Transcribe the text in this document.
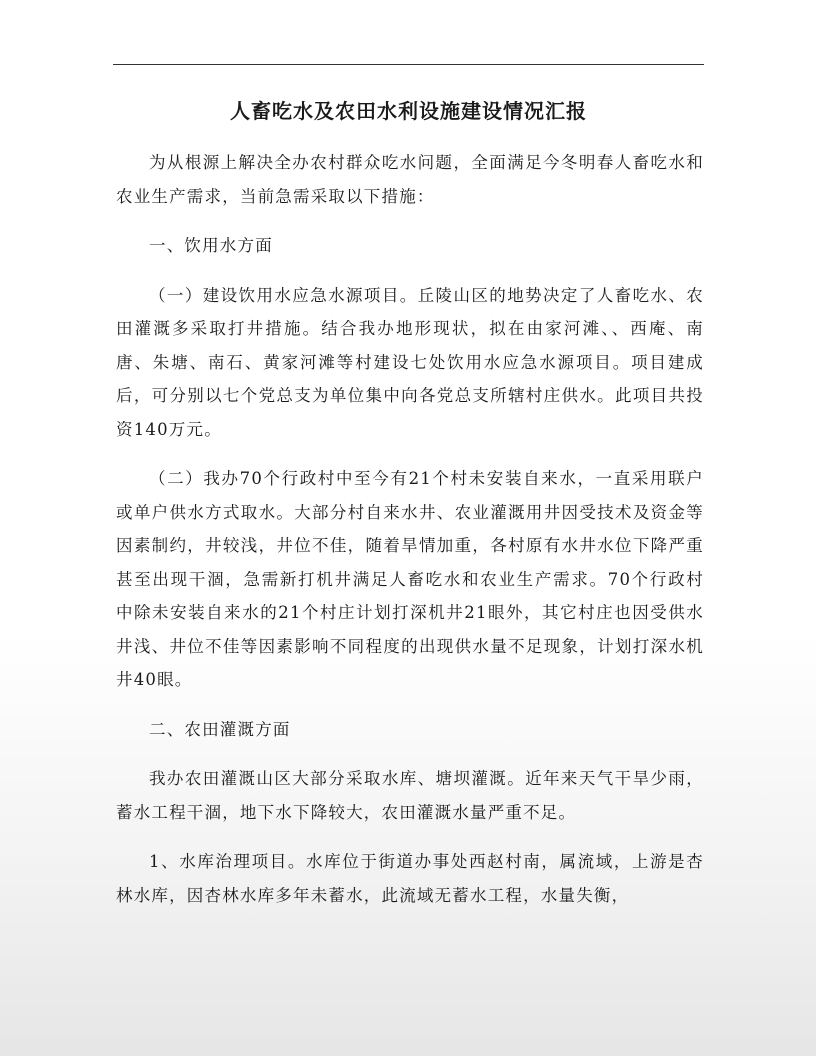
人畜吃水及农田水利设施建设情况汇报

为从根源上解决全办农村群众吃水问题，全面满足今冬明春人畜吃水和农业生产需求，当前急需采取以下措施：

一、饮用水方面

（一）建设饮用水应急水源项目。丘陵山区的地势决定了人畜吃水、农田灌溉多采取打井措施。结合我办地形现状，拟在由家河滩、、西庵、南唐、朱塘、南石、黄家河滩等村建设七处饮用水应急水源项目。项目建成后，可分别以七个党总支为单位集中向各党总支所辖村庄供水。此项目共投资140万元。

（二）我办70个行政村中至今有21个村未安装自来水，一直采用联户或单户供水方式取水。大部分村自来水井、农业灌溉用井因受技术及资金等因素制约，井较浅，井位不佳，随着旱情加重，各村原有水井水位下降严重甚至出现干涸，急需新打机井满足人畜吃水和农业生产需求。70个行政村中除未安装自来水的21个村庄计划打深机井21眼外，其它村庄也因受供水井浅、井位不佳等因素影响不同程度的出现供水量不足现象，计划打深水机井40眼。

二、农田灌溉方面

我办农田灌溉山区大部分采取水库、塘坝灌溉。近年来天气干旱少雨，蓄水工程干涸，地下水下降较大，农田灌溉水量严重不足。

1、水库治理项目。水库位于街道办事处西赵村南，属流域，上游是杏林水库，因杏林水库多年未蓄水，此流域无蓄水工程，水量失衡，
